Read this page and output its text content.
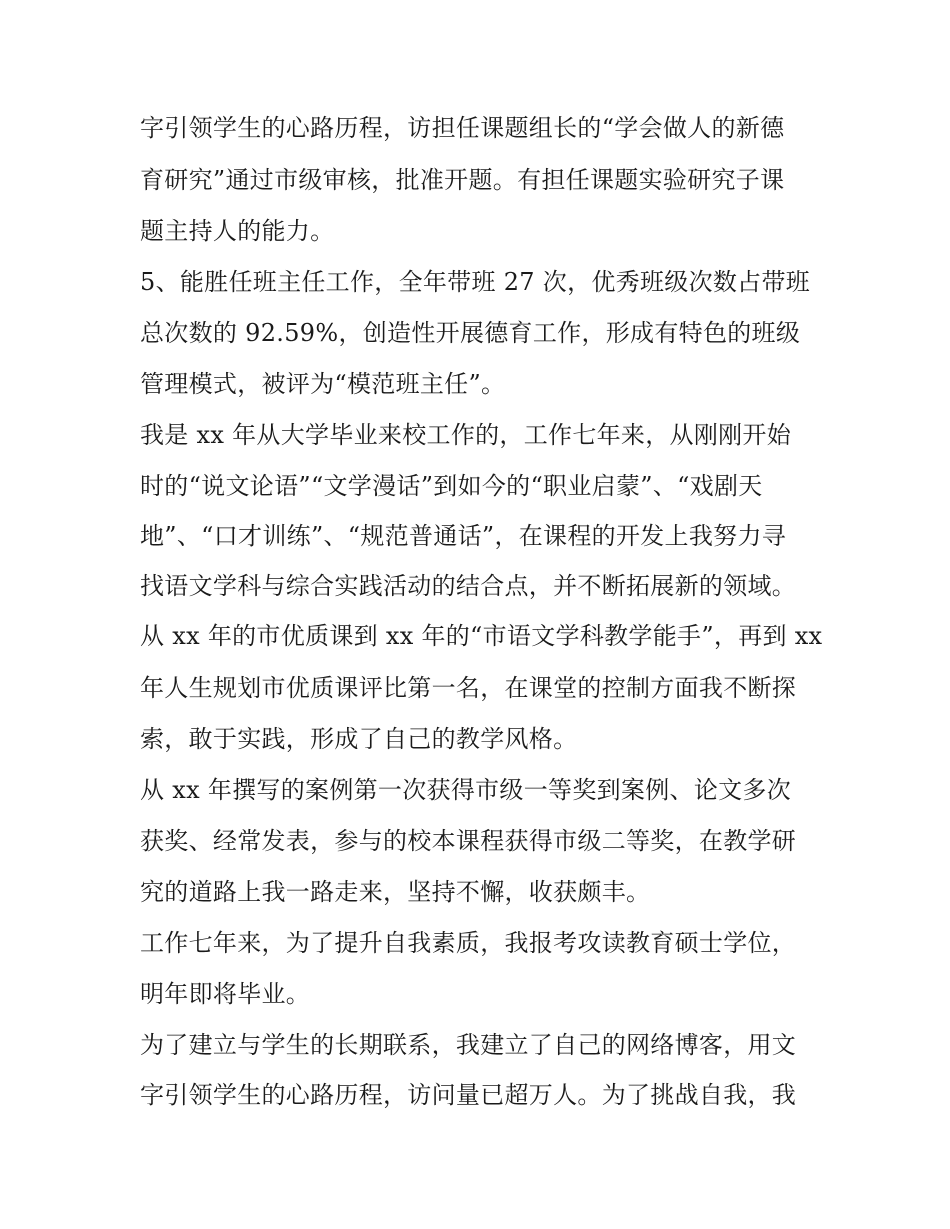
字引领学生的心路历程，访担任课题组长的“学会做人的新德
育研究”通过市级审核，批准开题。有担任课题实验研究子课
题主持人的能力。
5、能胜任班主任工作，全年带班 27 次，优秀班级次数占带班
总次数的 92.59%，创造性开展德育工作，形成有特色的班级
管理模式，被评为“模范班主任”。
我是 xx 年从大学毕业来校工作的，工作七年来，从刚刚开始
时的“说文论语”“文学漫话”到如今的“职业启蒙”、“戏剧天
地”、“口才训练”、“规范普通话”，在课程的开发上我努力寻
找语文学科与综合实践活动的结合点，并不断拓展新的领域。
从 xx 年的市优质课到 xx 年的“市语文学科教学能手”，再到 xx
年人生规划市优质课评比第一名，在课堂的控制方面我不断探
索，敢于实践，形成了自己的教学风格。
从 xx 年撰写的案例第一次获得市级一等奖到案例、论文多次
获奖、经常发表，参与的校本课程获得市级二等奖，在教学研
究的道路上我一路走来，坚持不懈，收获颇丰。
工作七年来，为了提升自我素质，我报考攻读教育硕士学位，
明年即将毕业。
为了建立与学生的长期联系，我建立了自己的网络博客，用文
字引领学生的心路历程，访问量已超万人。为了挑战自我，我
